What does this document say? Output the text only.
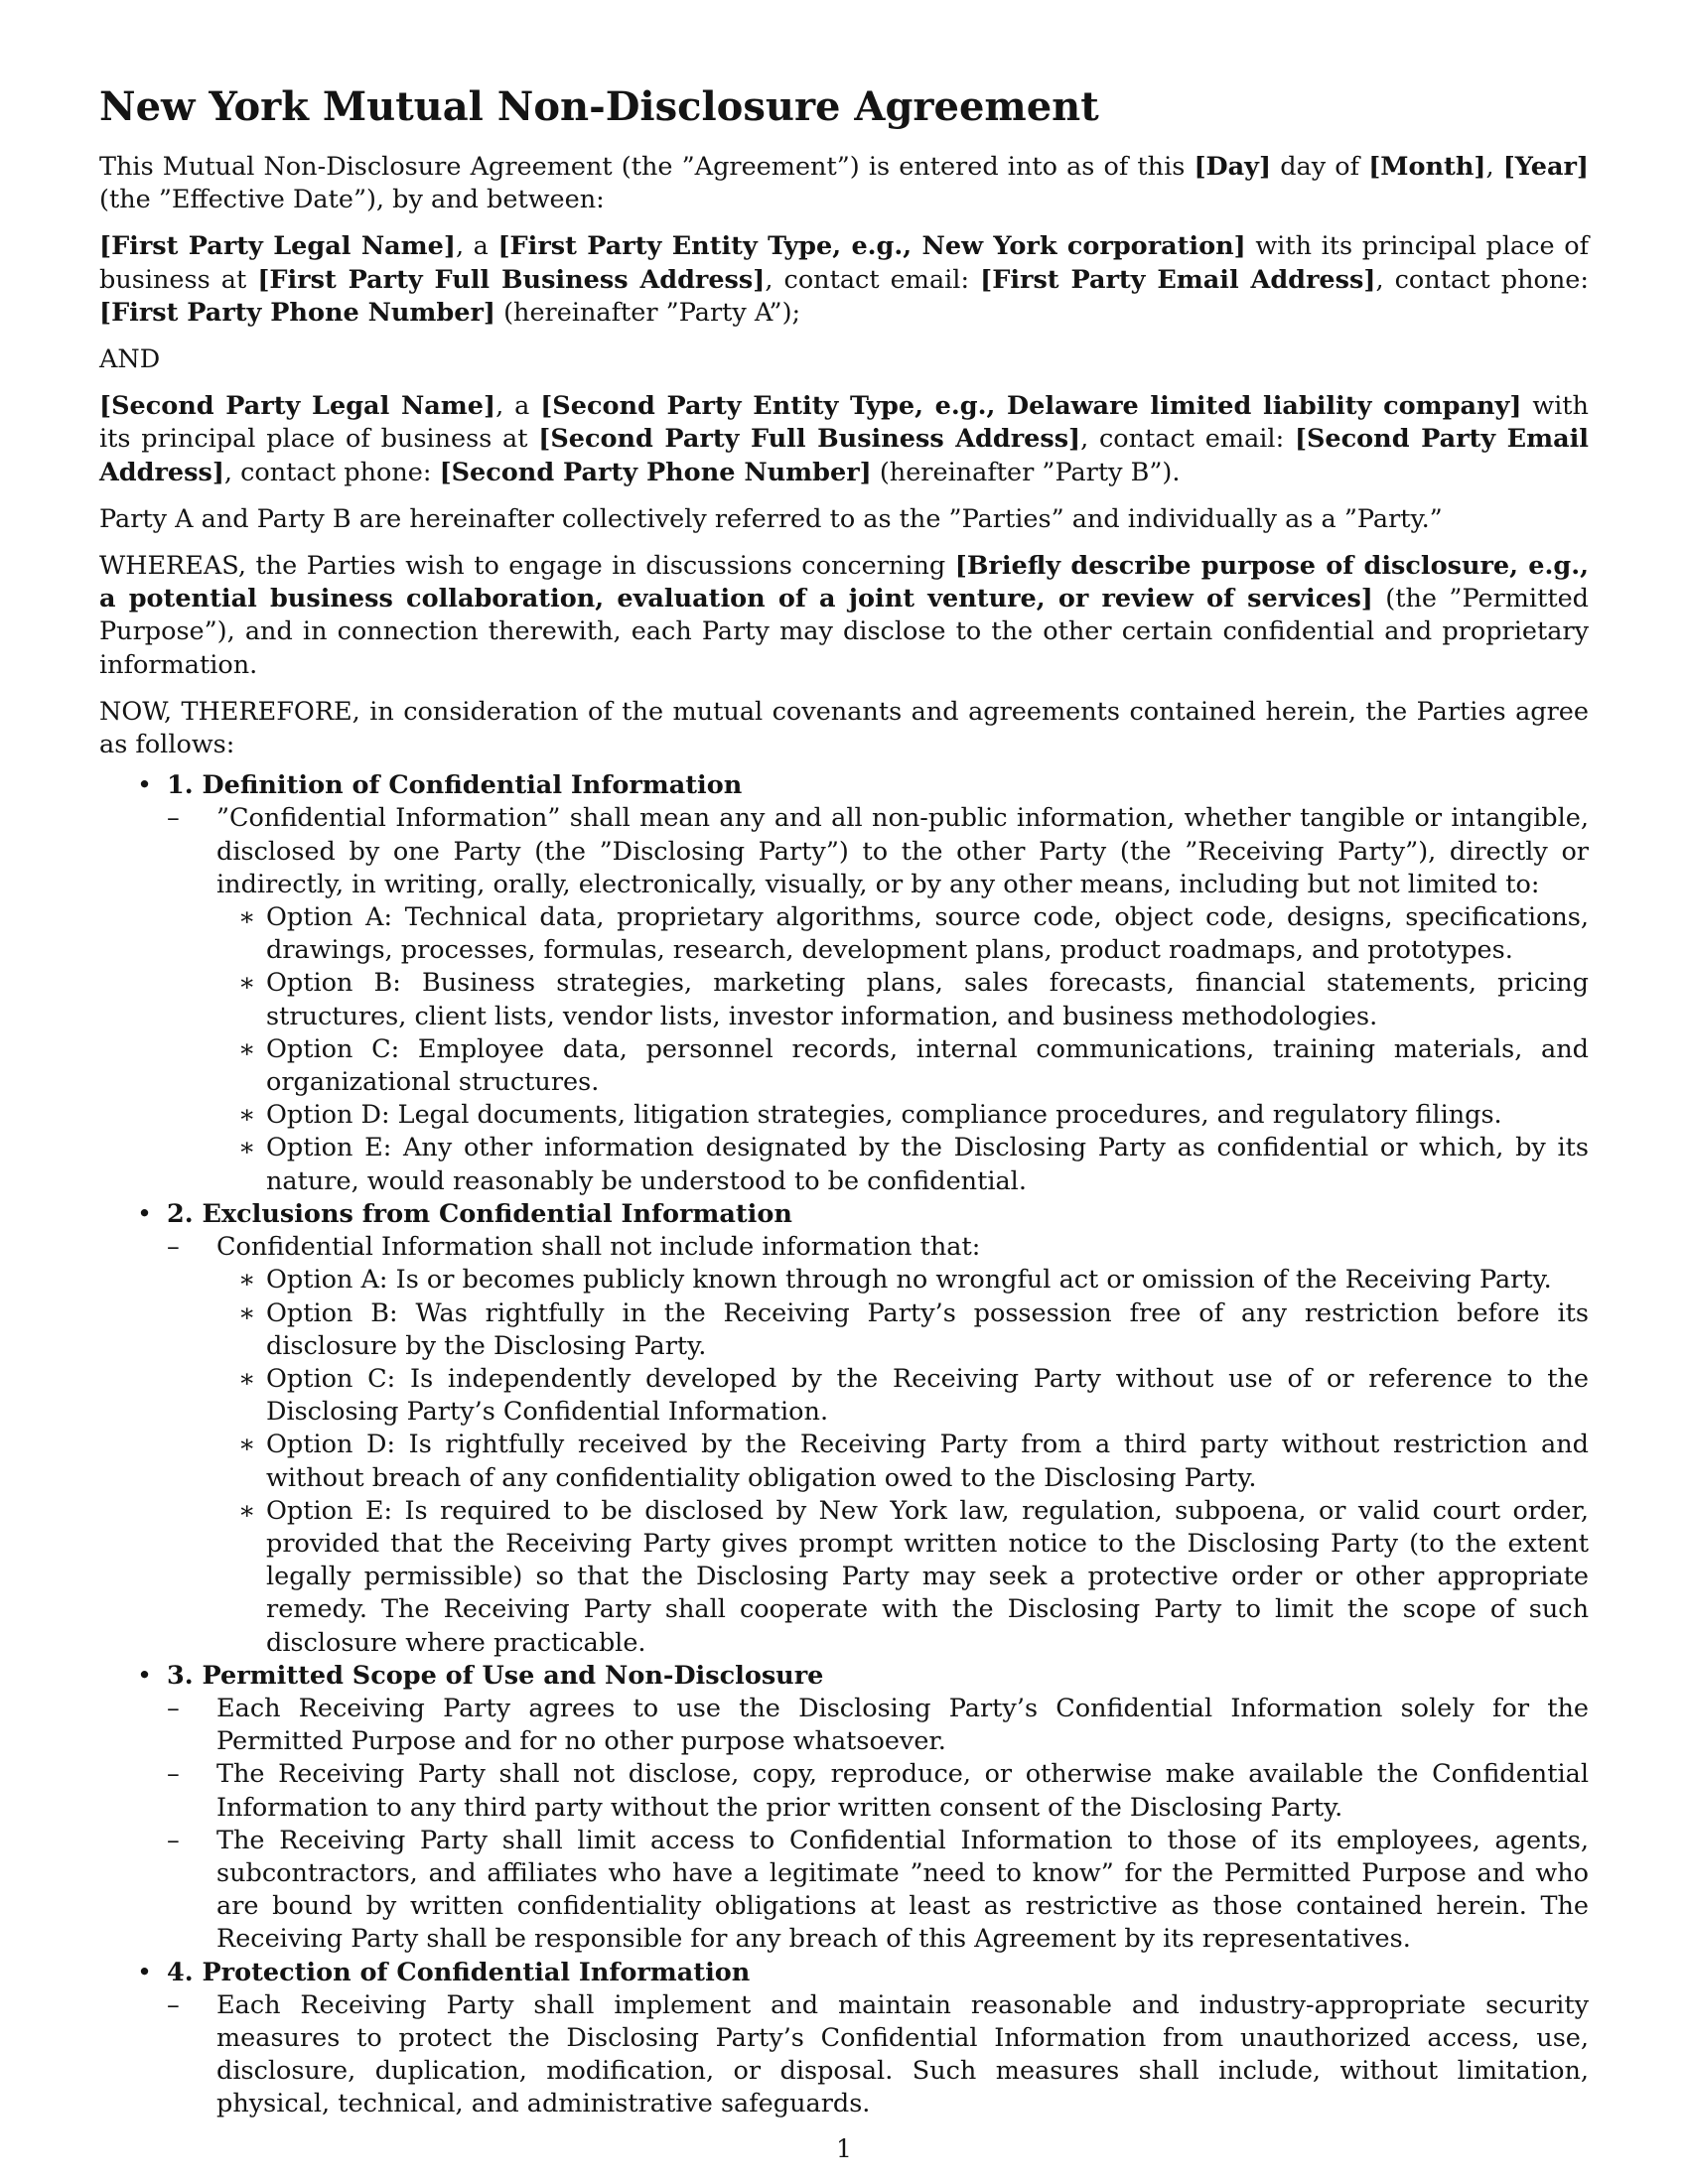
New York Mutual Non-Disclosure Agreement

This Mutual Non-Disclosure Agreement (the ”Agreement”) is entered into as of this [Day] day of [Month], [Year] (the ”Effective Date”), by and between:

[First Party Legal Name], a [First Party Entity Type, e.g., New York corporation] with its principal place of business at [First Party Full Business Address], contact email: [First Party Email Address], contact phone: [First Party Phone Number] (hereinafter ”Party A”);

AND

[Second Party Legal Name], a [Second Party Entity Type, e.g., Delaware limited liability company] with its principal place of business at [Second Party Full Business Address], contact email: [Second Party Email Address], contact phone: [Second Party Phone Number] (hereinafter ”Party B”).

Party A and Party B are hereinafter collectively referred to as the ”Parties” and individually as a ”Party.”

WHEREAS, the Parties wish to engage in discussions concerning [Briefly describe purpose of disclosure, e.g., a potential business collaboration, evaluation of a joint venture, or review of services] (the ”Permitted Purpose”), and in connection therewith, each Party may disclose to the other certain confidential and proprietary information.

NOW, THEREFORE, in consideration of the mutual covenants and agreements contained herein, the Parties agree as follows:

• 1. Definition of Confidential Information
– ”Confidential Information” shall mean any and all non-public information, whether tangible or intangible, disclosed by one Party (the ”Disclosing Party”) to the other Party (the ”Receiving Party”), directly or indirectly, in writing, orally, electronically, visually, or by any other means, including but not limited to:
∗ Option A: Technical data, proprietary algorithms, source code, object code, designs, specifications, drawings, processes, formulas, research, development plans, product roadmaps, and prototypes.
∗ Option B: Business strategies, marketing plans, sales forecasts, financial statements, pricing structures, client lists, vendor lists, investor information, and business methodologies.
∗ Option C: Employee data, personnel records, internal communications, training materials, and organizational structures.
∗ Option D: Legal documents, litigation strategies, compliance procedures, and regulatory filings.
∗ Option E: Any other information designated by the Disclosing Party as confidential or which, by its nature, would reasonably be understood to be confidential.
• 2. Exclusions from Confidential Information
– Confidential Information shall not include information that:
∗ Option A: Is or becomes publicly known through no wrongful act or omission of the Receiving Party.
∗ Option B: Was rightfully in the Receiving Party’s possession free of any restriction before its disclosure by the Disclosing Party.
∗ Option C: Is independently developed by the Receiving Party without use of or reference to the Disclosing Party’s Confidential Information.
∗ Option D: Is rightfully received by the Receiving Party from a third party without restriction and without breach of any confidentiality obligation owed to the Disclosing Party.
∗ Option E: Is required to be disclosed by New York law, regulation, subpoena, or valid court order, provided that the Receiving Party gives prompt written notice to the Disclosing Party (to the extent legally permissible) so that the Disclosing Party may seek a protective order or other appropriate remedy. The Receiving Party shall cooperate with the Disclosing Party to limit the scope of such disclosure where practicable.
• 3. Permitted Scope of Use and Non-Disclosure
– Each Receiving Party agrees to use the Disclosing Party’s Confidential Information solely for the Permitted Purpose and for no other purpose whatsoever.
– The Receiving Party shall not disclose, copy, reproduce, or otherwise make available the Confidential Information to any third party without the prior written consent of the Disclosing Party.
– The Receiving Party shall limit access to Confidential Information to those of its employees, agents, subcontractors, and affiliates who have a legitimate ”need to know” for the Permitted Purpose and who are bound by written confidentiality obligations at least as restrictive as those contained herein. The Receiving Party shall be responsible for any breach of this Agreement by its representatives.
• 4. Protection of Confidential Information
– Each Receiving Party shall implement and maintain reasonable and industry-appropriate security measures to protect the Disclosing Party’s Confidential Information from unauthorized access, use, disclosure, duplication, modification, or disposal. Such measures shall include, without limitation, physical, technical, and administrative safeguards.
1
